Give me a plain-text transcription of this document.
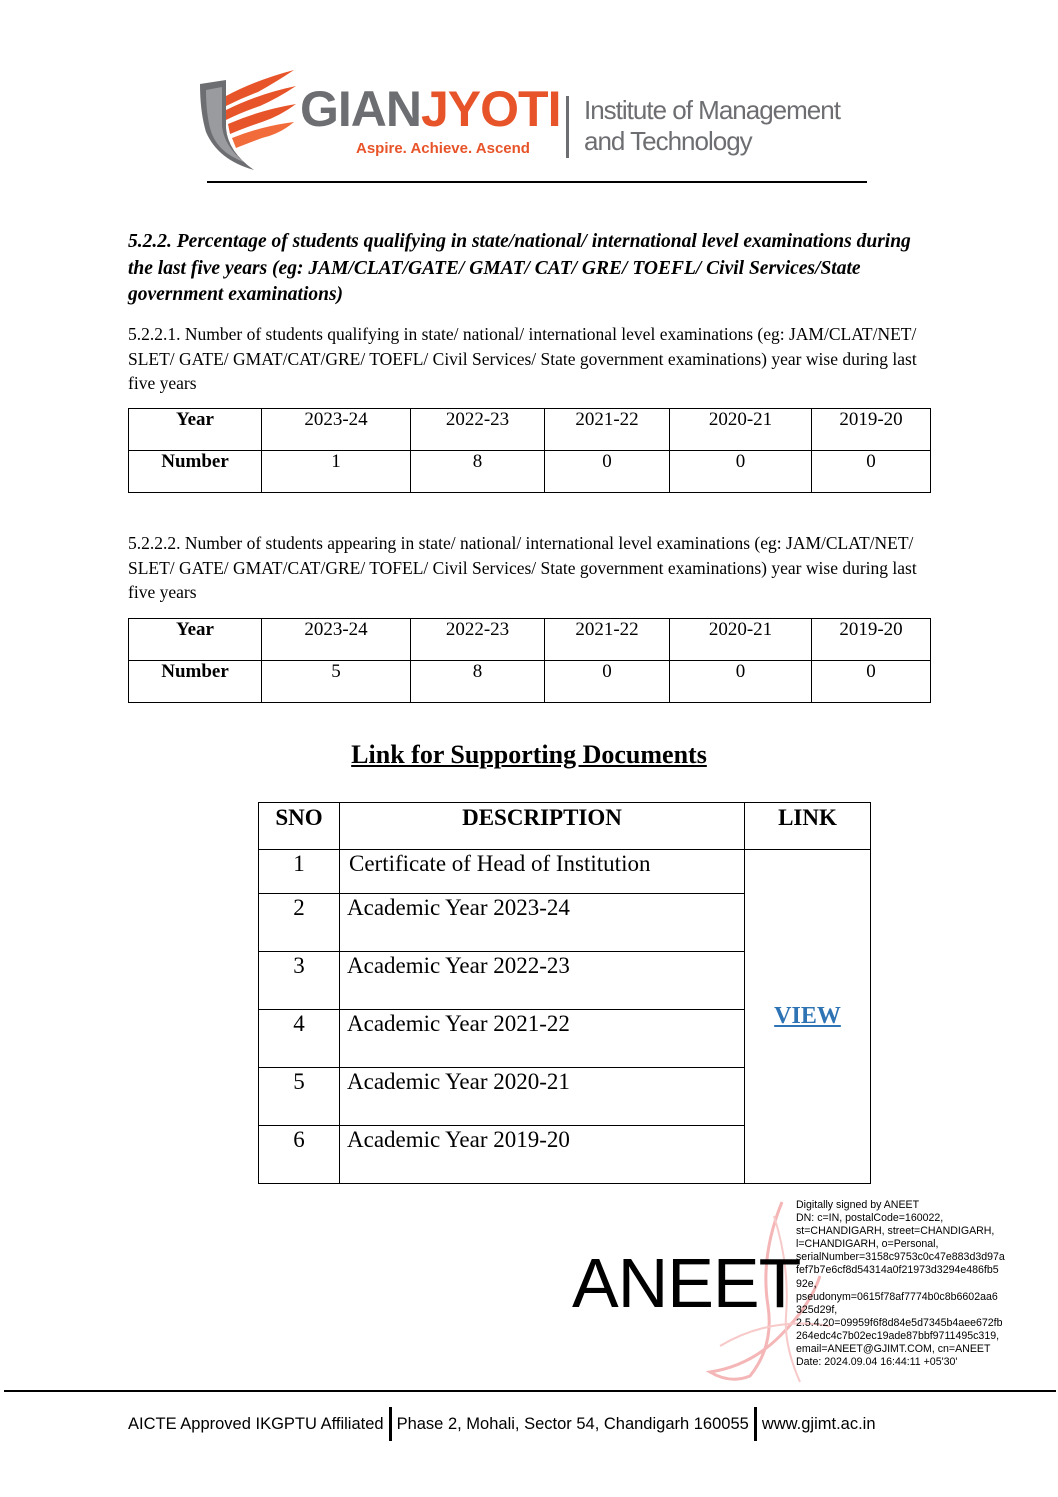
GIANJYOTI
Aspire. Achieve. Ascend
Institute of Management
and Technology
5.2.2. Percentage of students qualifying in state/national/ international level examinations during the last five years (eg: JAM/CLAT/GATE/ GMAT/ CAT/ GRE/ TOEFL/ Civil Services/State government examinations)
5.2.2.1. Number of students qualifying in state/ national/ international level examinations (eg: JAM/CLAT/NET/ SLET/ GATE/ GMAT/CAT/GRE/ TOEFL/ Civil Services/ State government examinations) year wise during last five years
Year	2023-24	2022-23	2021-22	2020-21	2019-20
Number	1	8	0	0	0
5.2.2.2. Number of students appearing in state/ national/ international level examinations (eg: JAM/CLAT/NET/ SLET/ GATE/ GMAT/CAT/GRE/ TOFEL/ Civil Services/ State government examinations) year wise during last five years
Year	2023-24	2022-23	2021-22	2020-21	2019-20
Number	5	8	0	0	0
Link for Supporting Documents
SNO	DESCRIPTION	LINK
1	Certificate of Head of Institution	VIEW
2	Academic Year 2023-24	
3	Academic Year 2022-23	
4	Academic Year 2021-22	
5	Academic Year 2020-21	
6	Academic Year 2019-20	
ANEET
Digitally signed by ANEET
DN: c=IN, postalCode=160022,
st=CHANDIGARH, street=CHANDIGARH,
l=CHANDIGARH, o=Personal,
serialNumber=3158c9753c0c47e883d3d97a
fef7b7e6cf8d54314a0f21973d3294e486fb5
92e,
pseudonym=0615f78af7774b0c8b6602aa6
325d29f,
2.5.4.20=09959f6f8d84e5d7345b4aee672fb
264edc4c7b02ec19ade87bbf9711495c319,
email=ANEET@GJIMT.COM, cn=ANEET
Date: 2024.09.04 16:44:11 +05'30'
AICTE Approved IKGPTU Affiliated Phase 2, Mohali, Sector 54, Chandigarh 160055 www.gjimt.ac.in
